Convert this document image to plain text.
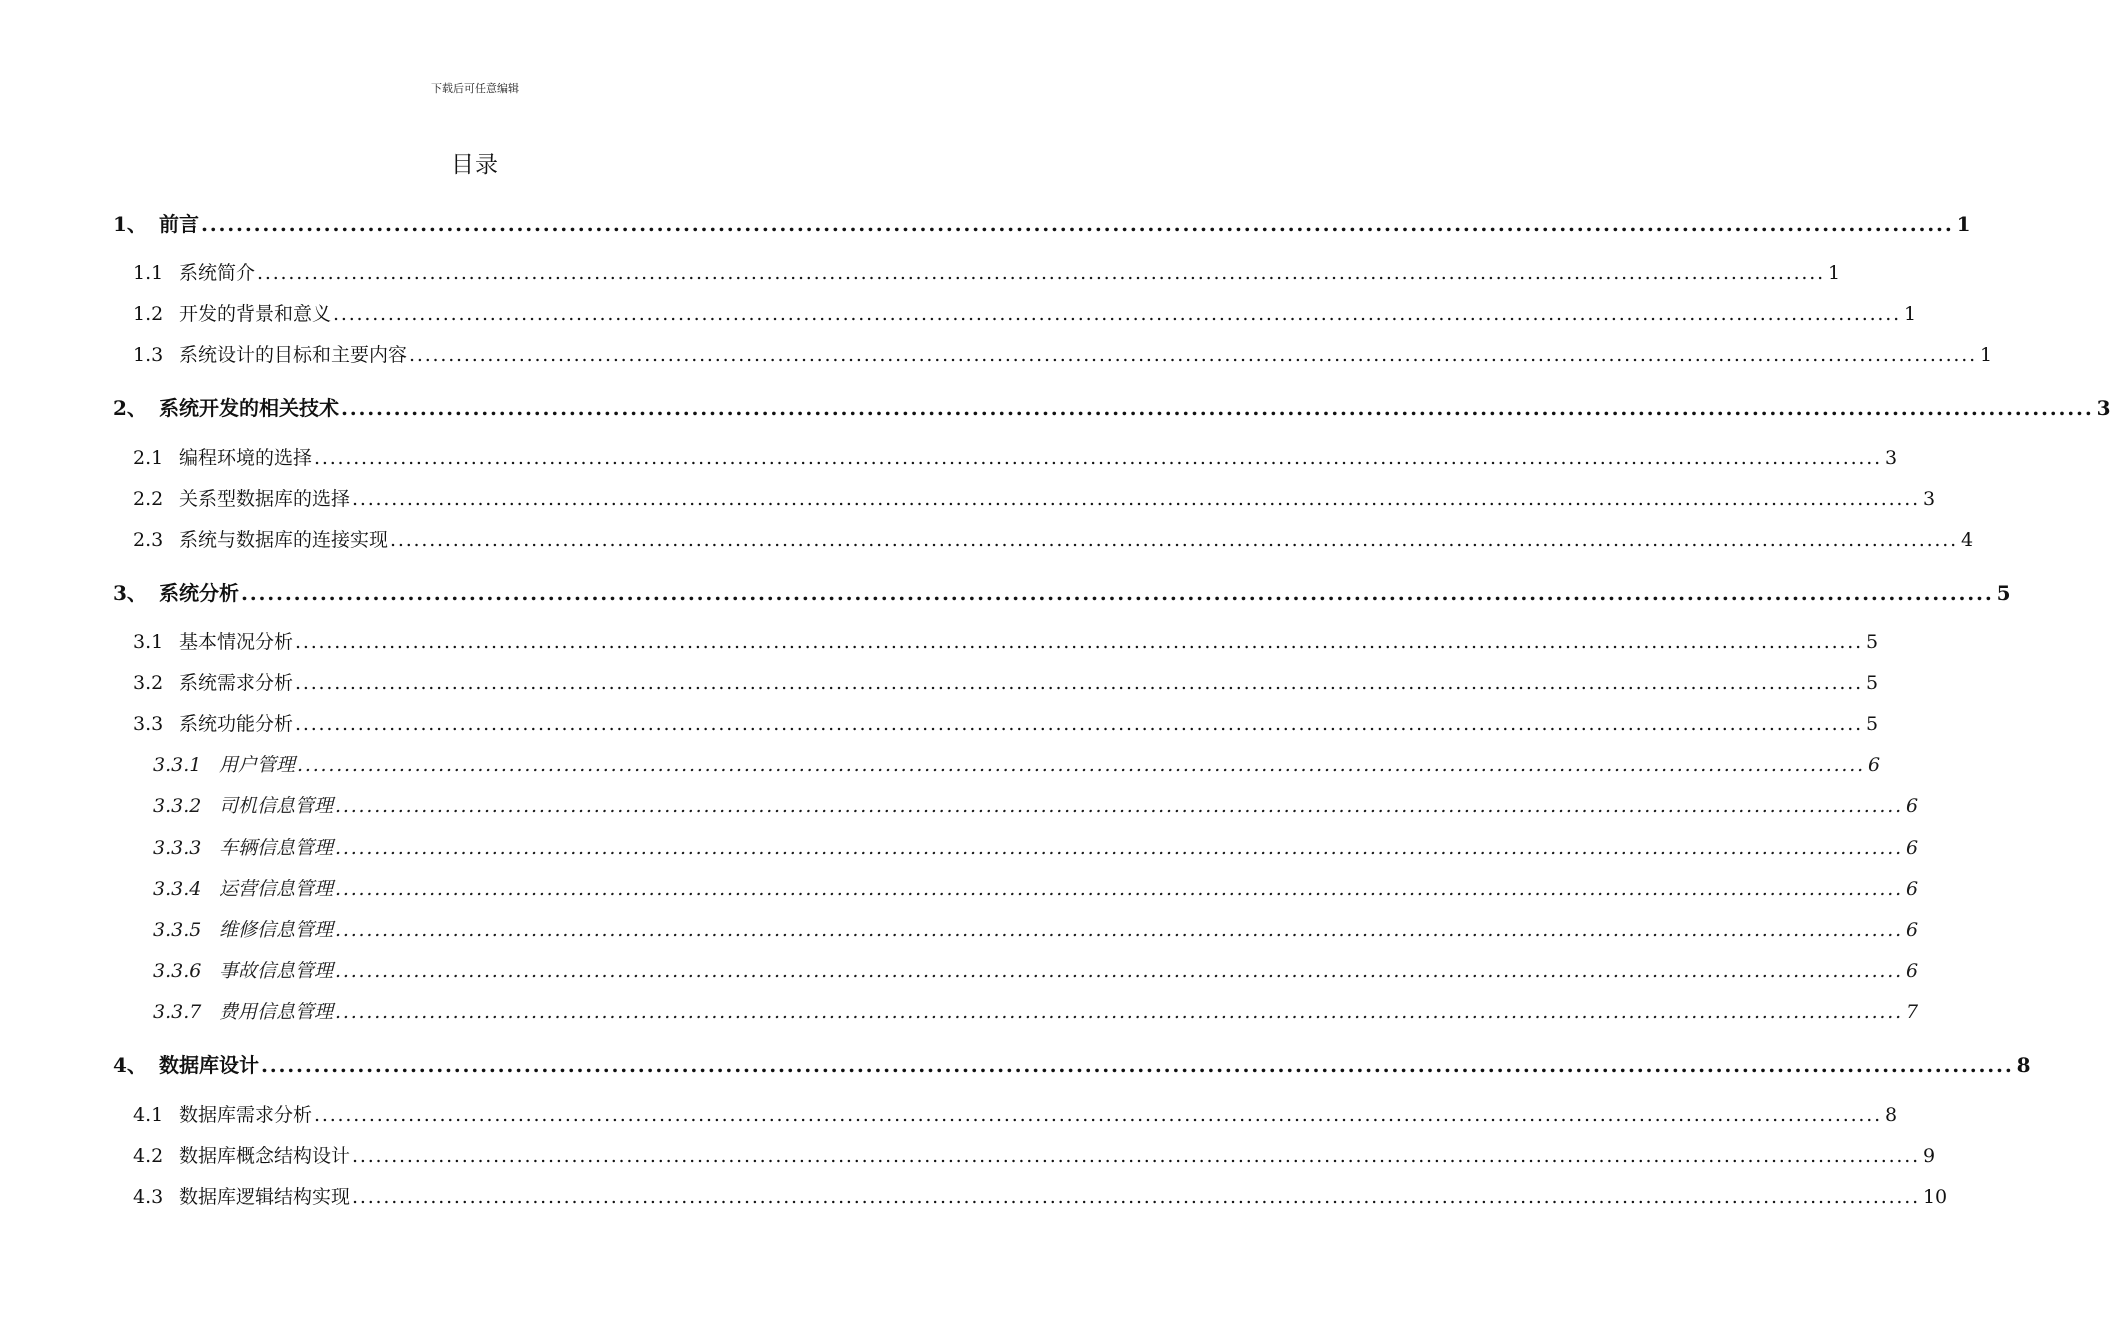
下载后可任意编辑
目录
1、 前言 ........................................................................................................................................................................................................ 1
1.1 系统简介 ........................................................................................................................................................................................................ 1
1.2 开发的背景和意义 ........................................................................................................................................................................................................ 1
1.3 系统设计的目标和主要内容 ........................................................................................................................................................................................................ 1
2、 系统开发的相关技术 ........................................................................................................................................................................................................ 3
2.1 编程环境的选择 ........................................................................................................................................................................................................ 3
2.2 关系型数据库的选择 ........................................................................................................................................................................................................ 3
2.3 系统与数据库的连接实现 ........................................................................................................................................................................................................ 4
3、 系统分析 ........................................................................................................................................................................................................ 5
3.1 基本情况分析 ........................................................................................................................................................................................................ 5
3.2 系统需求分析 ........................................................................................................................................................................................................ 5
3.3 系统功能分析 ........................................................................................................................................................................................................ 5
3.3.1 用户管理 ........................................................................................................................................................................................................ 6
3.3.2 司机信息管理 ........................................................................................................................................................................................................ 6
3.3.3 车辆信息管理 ........................................................................................................................................................................................................ 6
3.3.4 运营信息管理 ........................................................................................................................................................................................................ 6
3.3.5 维修信息管理 ........................................................................................................................................................................................................ 6
3.3.6 事故信息管理 ........................................................................................................................................................................................................ 6
3.3.7 费用信息管理 ........................................................................................................................................................................................................ 7
4、 数据库设计 ........................................................................................................................................................................................................ 8
4.1 数据库需求分析 ........................................................................................................................................................................................................ 8
4.2 数据库概念结构设计 ........................................................................................................................................................................................................ 9
4.3 数据库逻辑结构实现 ........................................................................................................................................................................................................ 10
